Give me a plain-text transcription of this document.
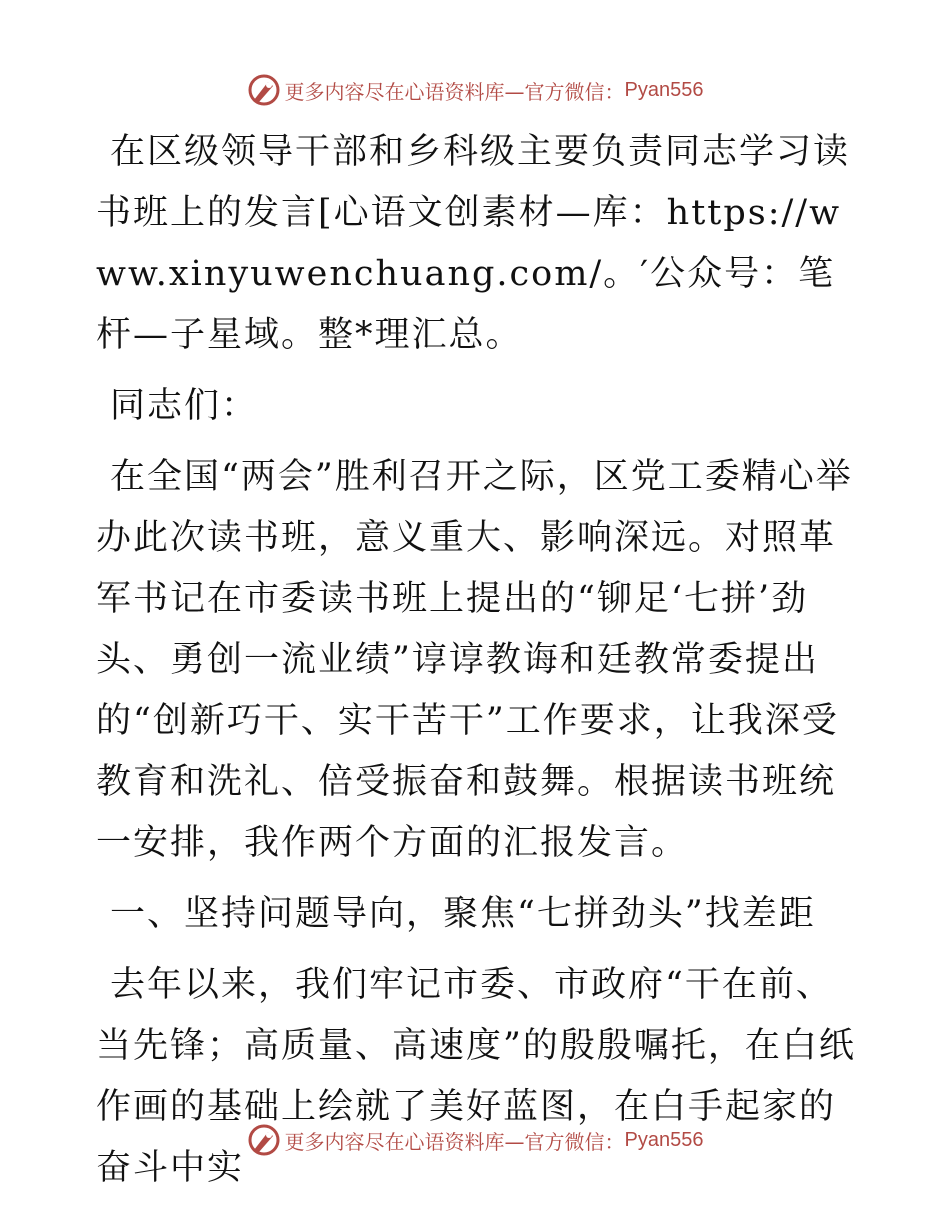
更多内容尽在心语资料库—官方微信： Pyan556

在区级领导干部和乡科级主要负责同志学习读书班上的发言[心语文创素材—库：https://www.xinyuwenchuang.com/。′公众号：笔杆—子星域。整*理汇总。

同志们：

在全国“两会”胜利召开之际，区党工委精心举办此次读书班，意义重大、影响深远。对照革军书记在市委读书班上提出的“铆足‘七拼’劲头、勇创一流业绩”谆谆教诲和廷教常委提出的“创新巧干、实干苦干”工作要求，让我深受教育和洗礼、倍受振奋和鼓舞。根据读书班统一安排，我作两个方面的汇报发言。

一、坚持问题导向，聚焦“七拼劲头”找差距

去年以来，我们牢记市委、市政府“干在前、当先锋；高质量、高速度”的殷殷嘱托，在白纸作画的基础上绘就了美好蓝图，在白手起家的奋斗中实

更多内容尽在心语资料库—官方微信： Pyan556
